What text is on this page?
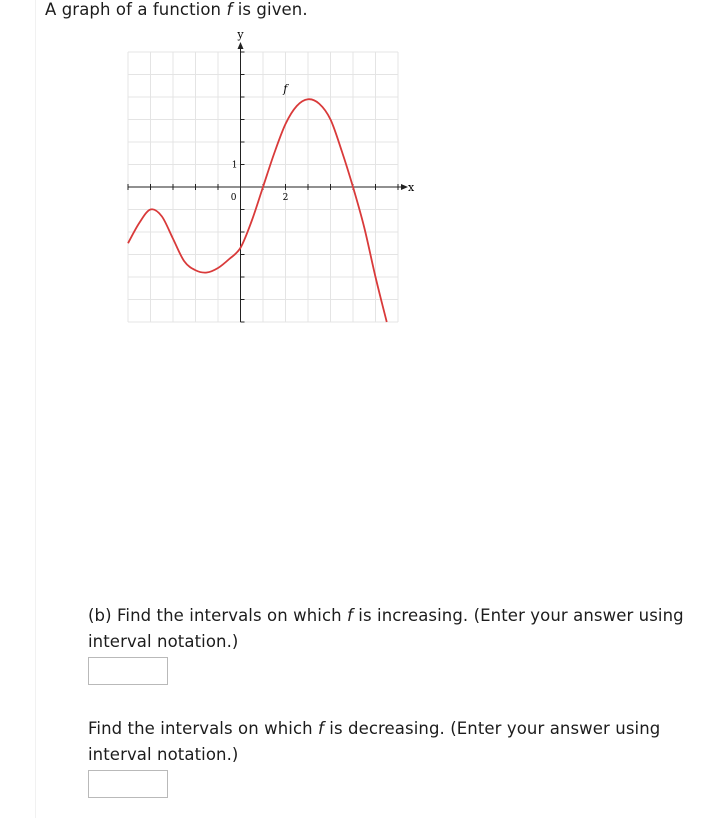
A graph of a function f is given.
y
x
f
1
0	2
(b) Find the intervals on which f is increasing. (Enter your answer using
interval notation.)
Find the intervals on which f is decreasing. (Enter your answer using
interval notation.)
